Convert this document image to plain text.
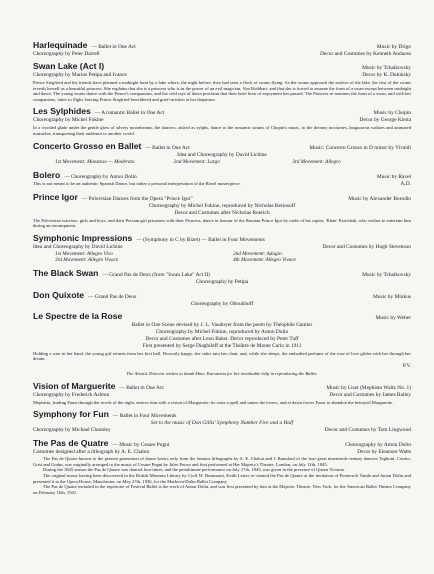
Harlequinade — Ballet in One Act	Music by Drigo
Choreography by Peter Darrell	Decor and Costumes by Kenneth Andaoss
Swan Lake (Act I)	Music by Tchaikovsky
Choreography by Marius Petipa and Ivanov	Decor by K. Dukinsky
Prince Siegfried and his friends have planned a midnight hunt by a lake where, the night before, they had seen a flock of swans flying. As the swans approach the surface of the lake, the first of the swans reveals herself as a beautiful princess. She explains that she is a princess who is in the power of an evil magician, Von Rothbart, and that she is forced to assume the form of a swan except between midnight and dawn. The young swans dance with the Prince's companions, and the cold rays of dawn proclaim that their brief hour of enjoyment has passed. The Princess re-assumes the form of a swan, and with her companions, takes to flight, leaving Prince Siegfried bewildered and grief-stricken at her departure.
Les Sylphides — A romantic Ballet in One Act	Music by Chopin
Choreography by Michel Fokine	Decor by George Kirsta
In a wooded glade under the gentle glow of silvery moonbeams, the dancers, attired as sylphs, dance to the romantic strains of Chopin's music, to the dreamy nocturnes, languorous waltzes and animated mazurkas, transporting their audience to another world.
Concerto Grosso en Ballet — Ballet in One Act	Music: Concerto Grosso in D minor by Vivaldi
Idea and Choreography by David Lichine
1st Movement: Maestoso — Moderato	2nd Movement: Largo	3rd Movement: Allegro
Bolero — Choreography by Anton Dolin	Music by Ravel
This is not meant to be an authentic Spanish Dance, but rather a personal interpretation of the Ravel masterpiece.	A.D.
Prince Igor — Polovtsian Dances from the Opera "Prince Igor"	Music by Alexander Borodin
Choreography by Michel Fokine, reproduced by Nicholas Beriosoff
Decor and Costumes after Nicholas Roerich
The Polovtsian warriors, girls and boys, and their Persian girl prisoners with their Princess, dance in honour of the Russian Prince Igor by order of his captor, 'Khan' Kontchak, who wishes to entertain him during an encampment.
Symphonic Impressions
— (Symphony in C by Bizet) — Ballet in Four Movements
Idea and Choreography by David Lichine	Decor and Costumes by Hugh Stevenson
1st Movement: Allegro Vivo	2nd Movement: Adagio
3rd Movement: Allegro Vivace	4th Movement: Allegro Vivace
The Black Swan — Grand Pas de Deux (from "Swan Lake" Act II)	Music by Tchaikovsky
Choreography by Petipa
Don Quixote — Grand Pas de Deux	Music by Minkus
Choreography by Oboukhoff
Le Spectre de la Rose	Music by Weber
Ballet in One Scene devised by J. L. Vaudoyer from the poem by Théophile Gautier
Choreography by Michel Fokine, reproduced by Anton Dolin
Decor and Costumes after Leon Bakst. Decor reproduced by Peter Tuff
First presented by Serge Diaghileff at the Théâtre de Monte Carlo in 1911
Holding a rose in her hand, the young girl returns from her first ball. Drowsily happy, she sinks into her chair, and, while she sleeps, the embodied perfume of the rose of love glides with her through her dream.
P.V.
The Artistic Director wishes to thank Mme. Karsavina for her invaluable help in reproducing the Ballet.
Vision of Marguerite — Ballet in One Act	Music by Liszt (Mephisto Waltz No. 1)
Choreography by Frederick Ashton	Decor and Costumes by James Bailey
Mephisto, leading Faust through the revels of the night, entices him with a vision of Marguerite; he casts a spell and unites the lovers, and at dawn forces Faust to abandon the betrayed Marguerite.
Symphony for Fun
— Ballet in Four Movements
Set to the music of Don Gillis' Symphony Number Five and a Half
Choreography by Michael Charnley	Decor and Costumes by Tom Lingwood
The Pas de Quatre — Music by Cesare Pugni	Choreography by Anton Dolin
Costumes designed after a lithograph by A. E. Chalon	Decor by Eleanore Watts
The Pas de Quatre known to the present generation of dance lovers only from the famous lithographs by A. E. Chalon and J. Brandard of the four great nineteenth-century dancers Taglioni, Cerrito, Grisi and Grahn, was originally arranged to the music of Cesare Pugni by Jules Perrot and first performed at Her Majesty's Theatre, London, on July 12th, 1845.
During the 1845 season the Pas de Quatre was danced four times, and the penultimate performance on July 17th, 1845, was given in the presence of Queen Victoria.
The original music having been discovered in the British Museum Library by Cyril W. Beaumont, Keith Lester re-created the Pas de Quatre at the invitation of Pontresoli Vanda and Anton Dolin and presented it at the Opera House, Manchester, on May 27th, 1936, for the Markova-Dolin Ballet Company.
The Pas de Quatre included in the repertoire of Festival Ballet is the work of Anton Dolin, and was first presented by him at the Majestic Theatre, New York, for the American Ballet Theatre Company on February 16th, 1941.
